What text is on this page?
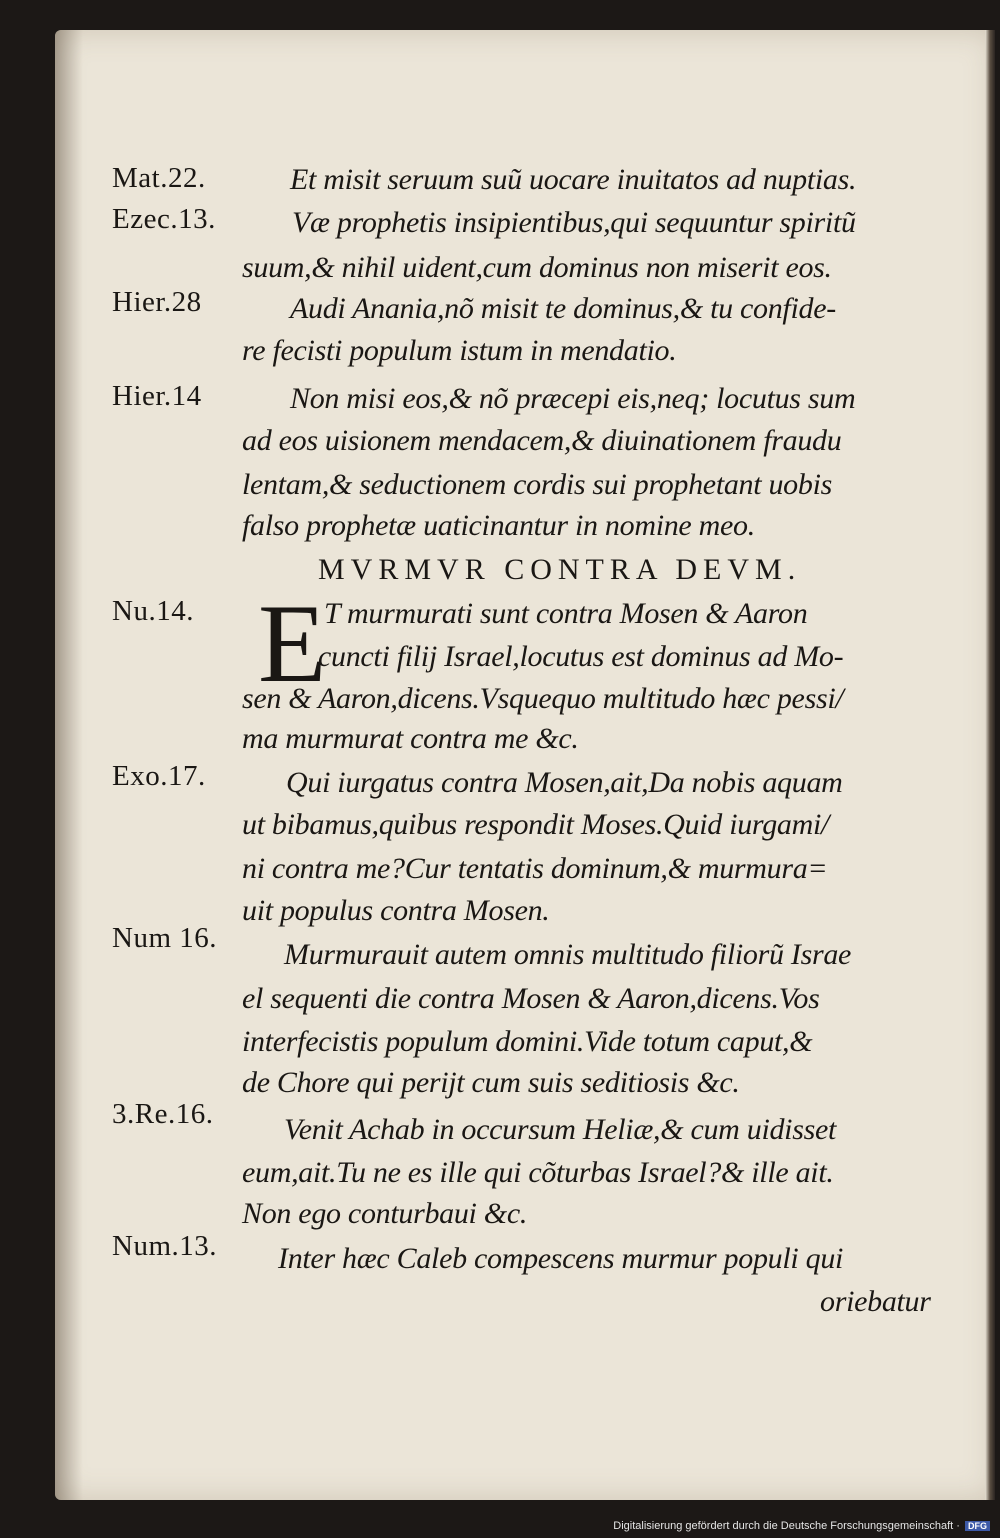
Mat.22.
Ezec.13.
Hier.28
Hier.14
Nu.14.
Exo.17.
Num 16.
3.Re.16.
Num.13.
Et misit seruum suũ uocare inuitatos ad nuptias.
Væ prophetis insipientibus,qui sequuntur spiritũ
suum,& nihil uident,cum dominus non miserit eos.
Audi Anania,nõ misit te dominus,& tu confide-
re fecisti populum istum in mendatio.
Non misi eos,& nõ præcepi eis,neq; locutus sum
ad eos uisionem mendacem,& diuinationem fraudu
lentam,& seductionem cordis sui prophetant uobis
falso prophetæ uaticinantur in nomine meo.
MVRMVR CONTRA DEVM.
E
T murmurati sunt contra Mosen & Aaron
cuncti filij Israel,locutus est dominus ad Mo-
sen & Aaron,dicens.Vsquequo multitudo hæc pessi/
ma murmurat contra me &c.
Qui iurgatus contra Mosen,ait,Da nobis aquam
ut bibamus,quibus respondit Moses.Quid iurgami/
ni contra me?Cur tentatis dominum,& murmura=
uit populus contra Mosen.
Murmurauit autem omnis multitudo filiorũ Israe
el sequenti die contra Mosen & Aaron,dicens.Vos
interfecistis populum domini.Vide totum caput,&
de Chore qui perijt cum suis seditiosis &c.
Venit Achab in occursum Heliæ,& cum uidisset
eum,ait.Tu ne es ille qui cõturbas Israel?& ille ait.
Non ego conturbaui &c.
Inter hæc Caleb compescens murmur populi qui
oriebatur
Digitalisierung gefördert durch die Deutsche Forschungsgemeinschaft · DFG
